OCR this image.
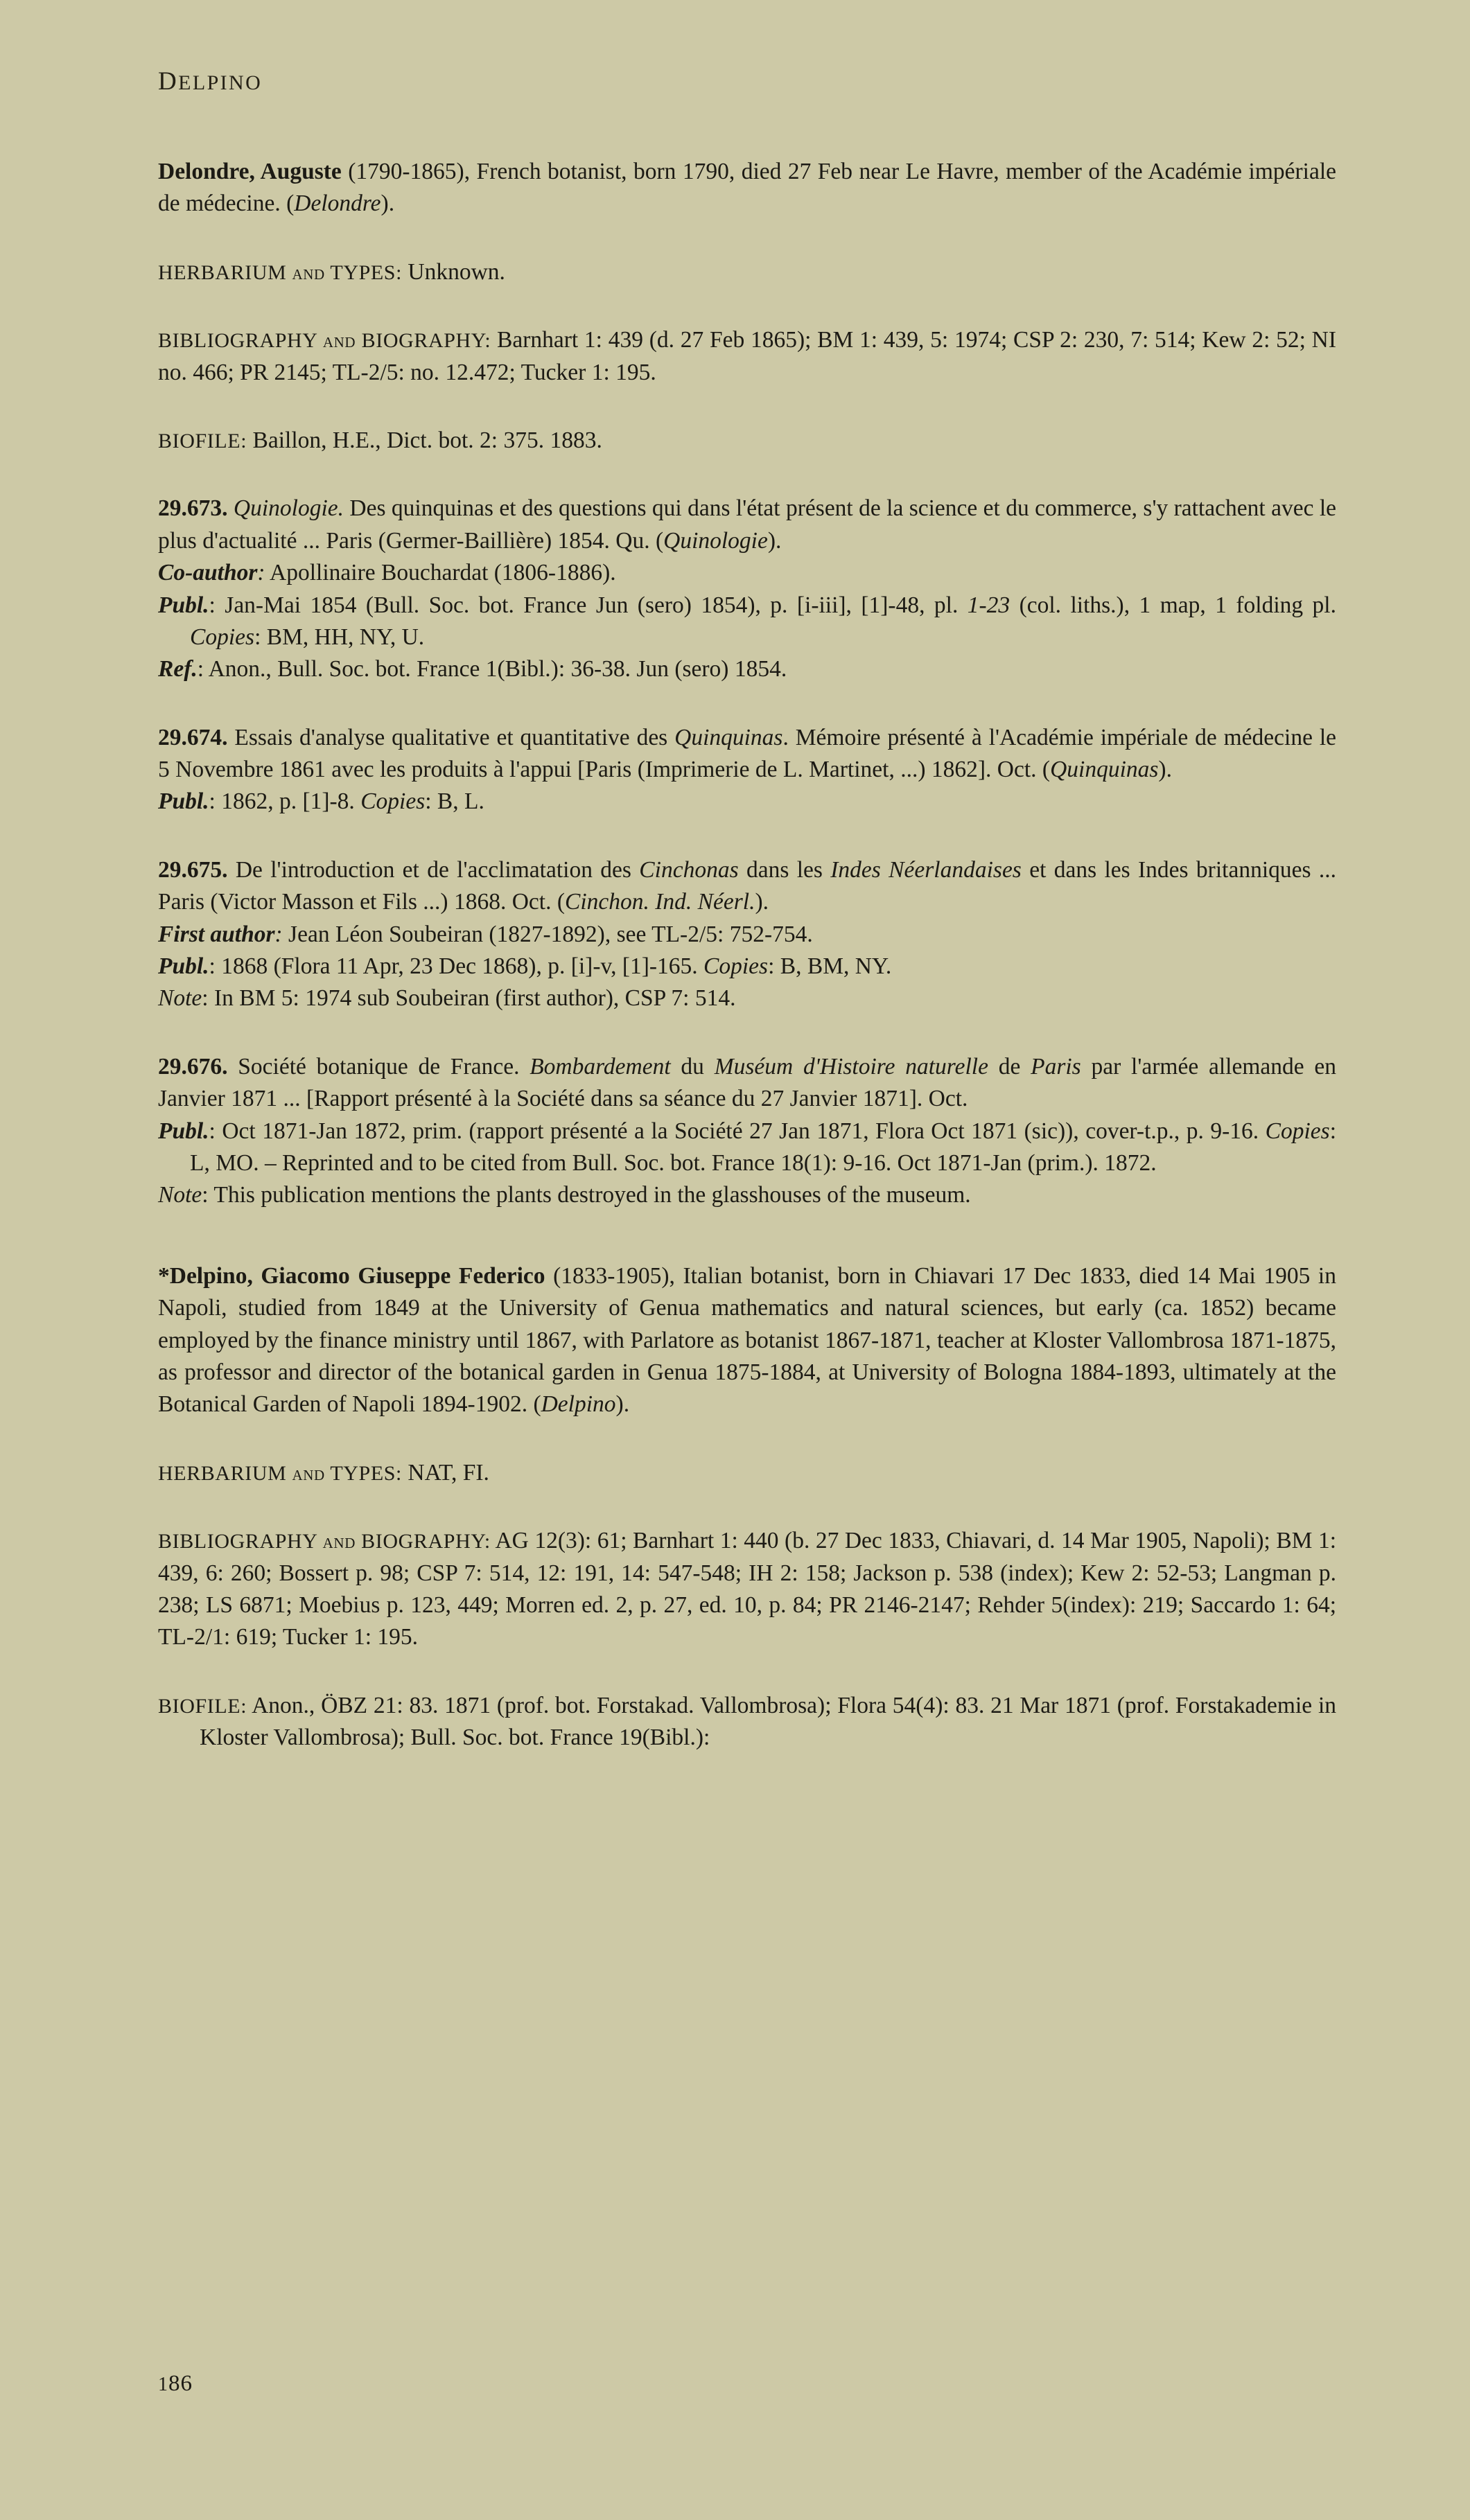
DELPINO
Delondre, Auguste (1790-1865), French botanist, born 1790, died 27 Feb near Le Havre, member of the Académie impériale de médecine. (Delondre).
HERBARIUM and TYPES: Unknown.
BIBLIOGRAPHY and BIOGRAPHY: Barnhart 1: 439 (d. 27 Feb 1865); BM 1: 439, 5: 1974; CSP 2: 230, 7: 514; Kew 2: 52; NI no. 466; PR 2145; TL-2/5: no. 12.472; Tucker 1: 195.
BIOFILE: Baillon, H.E., Dict. bot. 2: 375. 1883.
29.673. Quinologie. Des quinquinas et des questions qui dans l'état présent de la science et du commerce, s'y rattachent avec le plus d'actualité ... Paris (Germer-Baillière) 1854. Qu. (Quinologie).
Co-author: Apollinaire Bouchardat (1806-1886).
Publ.: Jan-Mai 1854 (Bull. Soc. bot. France Jun (sero) 1854), p. [i-iii], [1]-48, pl. 1-23 (col. liths.), 1 map, 1 folding pl. Copies: BM, HH, NY, U.
Ref.: Anon., Bull. Soc. bot. France 1(Bibl.): 36-38. Jun (sero) 1854.
29.674. Essais d'analyse qualitative et quantitative des Quinquinas. Mémoire présenté à l'Académie impériale de médecine le 5 Novembre 1861 avec les produits à l'appui [Paris (Imprimerie de L. Martinet, ...) 1862]. Oct. (Quinquinas).
Publ.: 1862, p. [1]-8. Copies: B, L.
29.675. De l'introduction et de l'acclimatation des Cinchonas dans les Indes Néerlandaises et dans les Indes britanniques ... Paris (Victor Masson et Fils ...) 1868. Oct. (Cinchon. Ind. Néerl.).
First author: Jean Léon Soubeiran (1827-1892), see TL-2/5: 752-754.
Publ.: 1868 (Flora 11 Apr, 23 Dec 1868), p. [i]-v, [1]-165. Copies: B, BM, NY.
Note: In BM 5: 1974 sub Soubeiran (first author), CSP 7: 514.
29.676. Société botanique de France. Bombardement du Muséum d'Histoire naturelle de Paris par l'armée allemande en Janvier 1871 ... [Rapport présenté à la Société dans sa séance du 27 Janvier 1871]. Oct.
Publ.: Oct 1871-Jan 1872, prim. (rapport présenté a la Société 27 Jan 1871, Flora Oct 1871 (sic)), cover-t.p., p. 9-16. Copies: L, MO. – Reprinted and to be cited from Bull. Soc. bot. France 18(1): 9-16. Oct 1871-Jan (prim.). 1872.
Note: This publication mentions the plants destroyed in the glasshouses of the museum.
*Delpino, Giacomo Giuseppe Federico (1833-1905), Italian botanist, born in Chiavari 17 Dec 1833, died 14 Mai 1905 in Napoli, studied from 1849 at the University of Genua mathematics and natural sciences, but early (ca. 1852) became employed by the finance ministry until 1867, with Parlatore as botanist 1867-1871, teacher at Kloster Vallombrosa 1871-1875, as professor and director of the botanical garden in Genua 1875-1884, at University of Bologna 1884-1893, ultimately at the Botanical Garden of Napoli 1894-1902. (Delpino).
HERBARIUM and TYPES: NAT, FI.
BIBLIOGRAPHY and BIOGRAPHY: AG 12(3): 61; Barnhart 1: 440 (b. 27 Dec 1833, Chiavari, d. 14 Mar 1905, Napoli); BM 1: 439, 6: 260; Bossert p. 98; CSP 7: 514, 12: 191, 14: 547-548; IH 2: 158; Jackson p. 538 (index); Kew 2: 52-53; Langman p. 238; LS 6871; Moebius p. 123, 449; Morren ed. 2, p. 27, ed. 10, p. 84; PR 2146-2147; Rehder 5(index): 219; Saccardo 1: 64; TL-2/1: 619; Tucker 1: 195.
BIOFILE: Anon., ÖBZ 21: 83. 1871 (prof. bot. Forstakad. Vallombrosa); Flora 54(4): 83. 21 Mar 1871 (prof. Forstakademie in Kloster Vallombrosa); Bull. Soc. bot. France 19(Bibl.):
186
